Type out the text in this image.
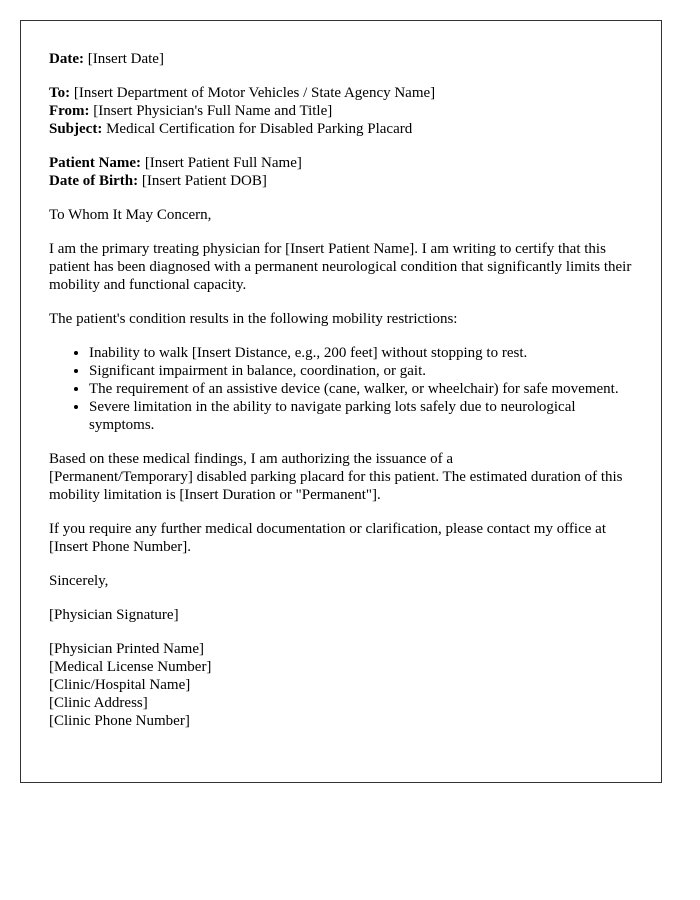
Date: [Insert Date]

To: [Insert Department of Motor Vehicles / State Agency Name]

From: [Insert Physician's Full Name and Title]

Subject: Medical Certification for Disabled Parking Placard

Patient Name: [Insert Patient Full Name]

Date of Birth: [Insert Patient DOB]

To Whom It May Concern,

I am the primary treating physician for [Insert Patient Name]. I am writing to certify that this patient has been diagnosed with a permanent neurological condition that significantly limits their mobility and functional capacity.

The patient's condition results in the following mobility restrictions:

• Inability to walk [Insert Distance, e.g., 200 feet] without stopping to rest.
• Significant impairment in balance, coordination, or gait.
• The requirement of an assistive device (cane, walker, or wheelchair) for safe movement.
• Severe limitation in the ability to navigate parking lots safely due to neurological symptoms.

Based on these medical findings, I am authorizing the issuance of a
[Permanent/Temporary] disabled parking placard for this patient. The estimated duration of this mobility limitation is [Insert Duration or "Permanent"].

If you require any further medical documentation or clarification, please contact my office at [Insert Phone Number].

Sincerely,

[Physician Signature]

[Physician Printed Name]

[Medical License Number]

[Clinic/Hospital Name]

[Clinic Address]

[Clinic Phone Number]
